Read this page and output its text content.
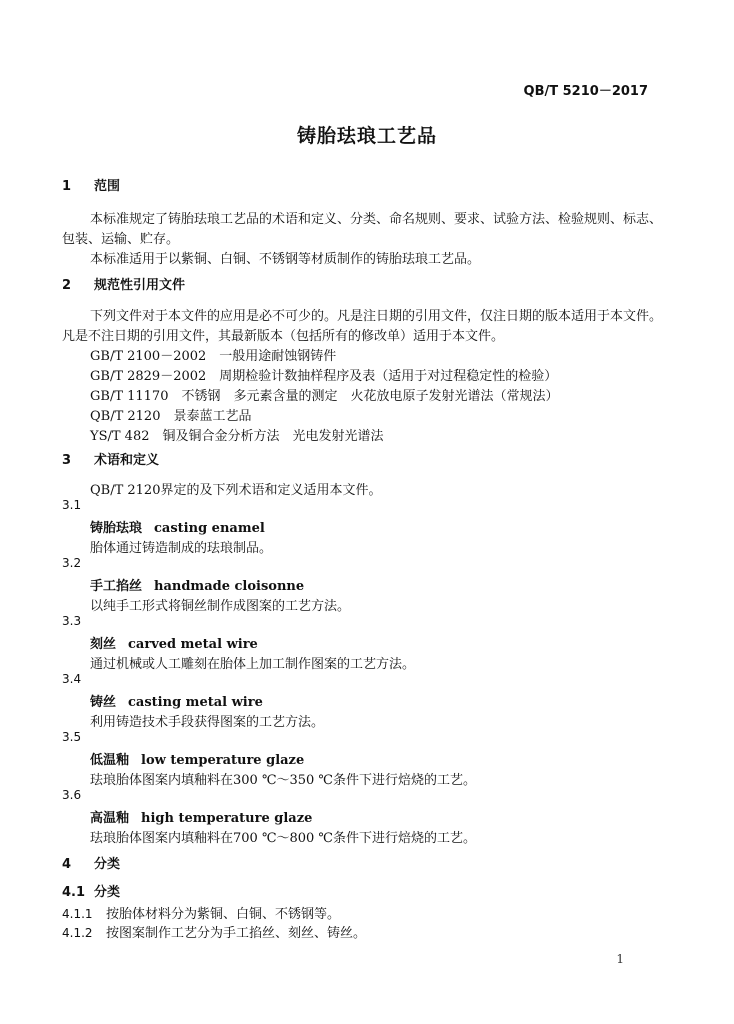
QB/T 5210－2017
铸胎珐琅工艺品
1 范围
本标准规定了铸胎珐琅工艺品的术语和定义、分类、命名规则、要求、试验方法、检验规则、标志、
包装、运输、贮存。
本标准适用于以紫铜、白铜、不锈钢等材质制作的铸胎珐琅工艺品。
2 规范性引用文件
下列文件对于本文件的应用是必不可少的。凡是注日期的引用文件，仅注日期的版本适用于本文件。
凡是不注日期的引用文件，其最新版本（包括所有的修改单）适用于本文件。
GB/T 2100－2002　一般用途耐蚀钢铸件
GB/T 2829－2002　周期检验计数抽样程序及表（适用于对过程稳定性的检验）
GB/T 11170　不锈钢　多元素含量的测定　火花放电原子发射光谱法（常规法）
QB/T 2120　景泰蓝工艺品
YS/T 482　铜及铜合金分析方法　光电发射光谱法
3 术语和定义
QB/T 2120界定的及下列术语和定义适用本文件。
3.1
铸胎珐琅 casting enamel
胎体通过铸造制成的珐琅制品。
3.2
手工掐丝 handmade cloisonne
以纯手工形式将铜丝制作成图案的工艺方法。
3.3
刻丝 carved metal wire
通过机械或人工雕刻在胎体上加工制作图案的工艺方法。
3.4
铸丝 casting metal wire
利用铸造技术手段获得图案的工艺方法。
3.5
低温釉 low temperature glaze
珐琅胎体图案内填釉料在300 ℃～350 ℃条件下进行焙烧的工艺。
3.6
高温釉 high temperature glaze
珐琅胎体图案内填釉料在700 ℃～800 ℃条件下进行焙烧的工艺。
4 分类
4.1 分类
4.1.1 按胎体材料分为紫铜、白铜、不锈钢等。
4.1.2 按图案制作工艺分为手工掐丝、刻丝、铸丝。
1
